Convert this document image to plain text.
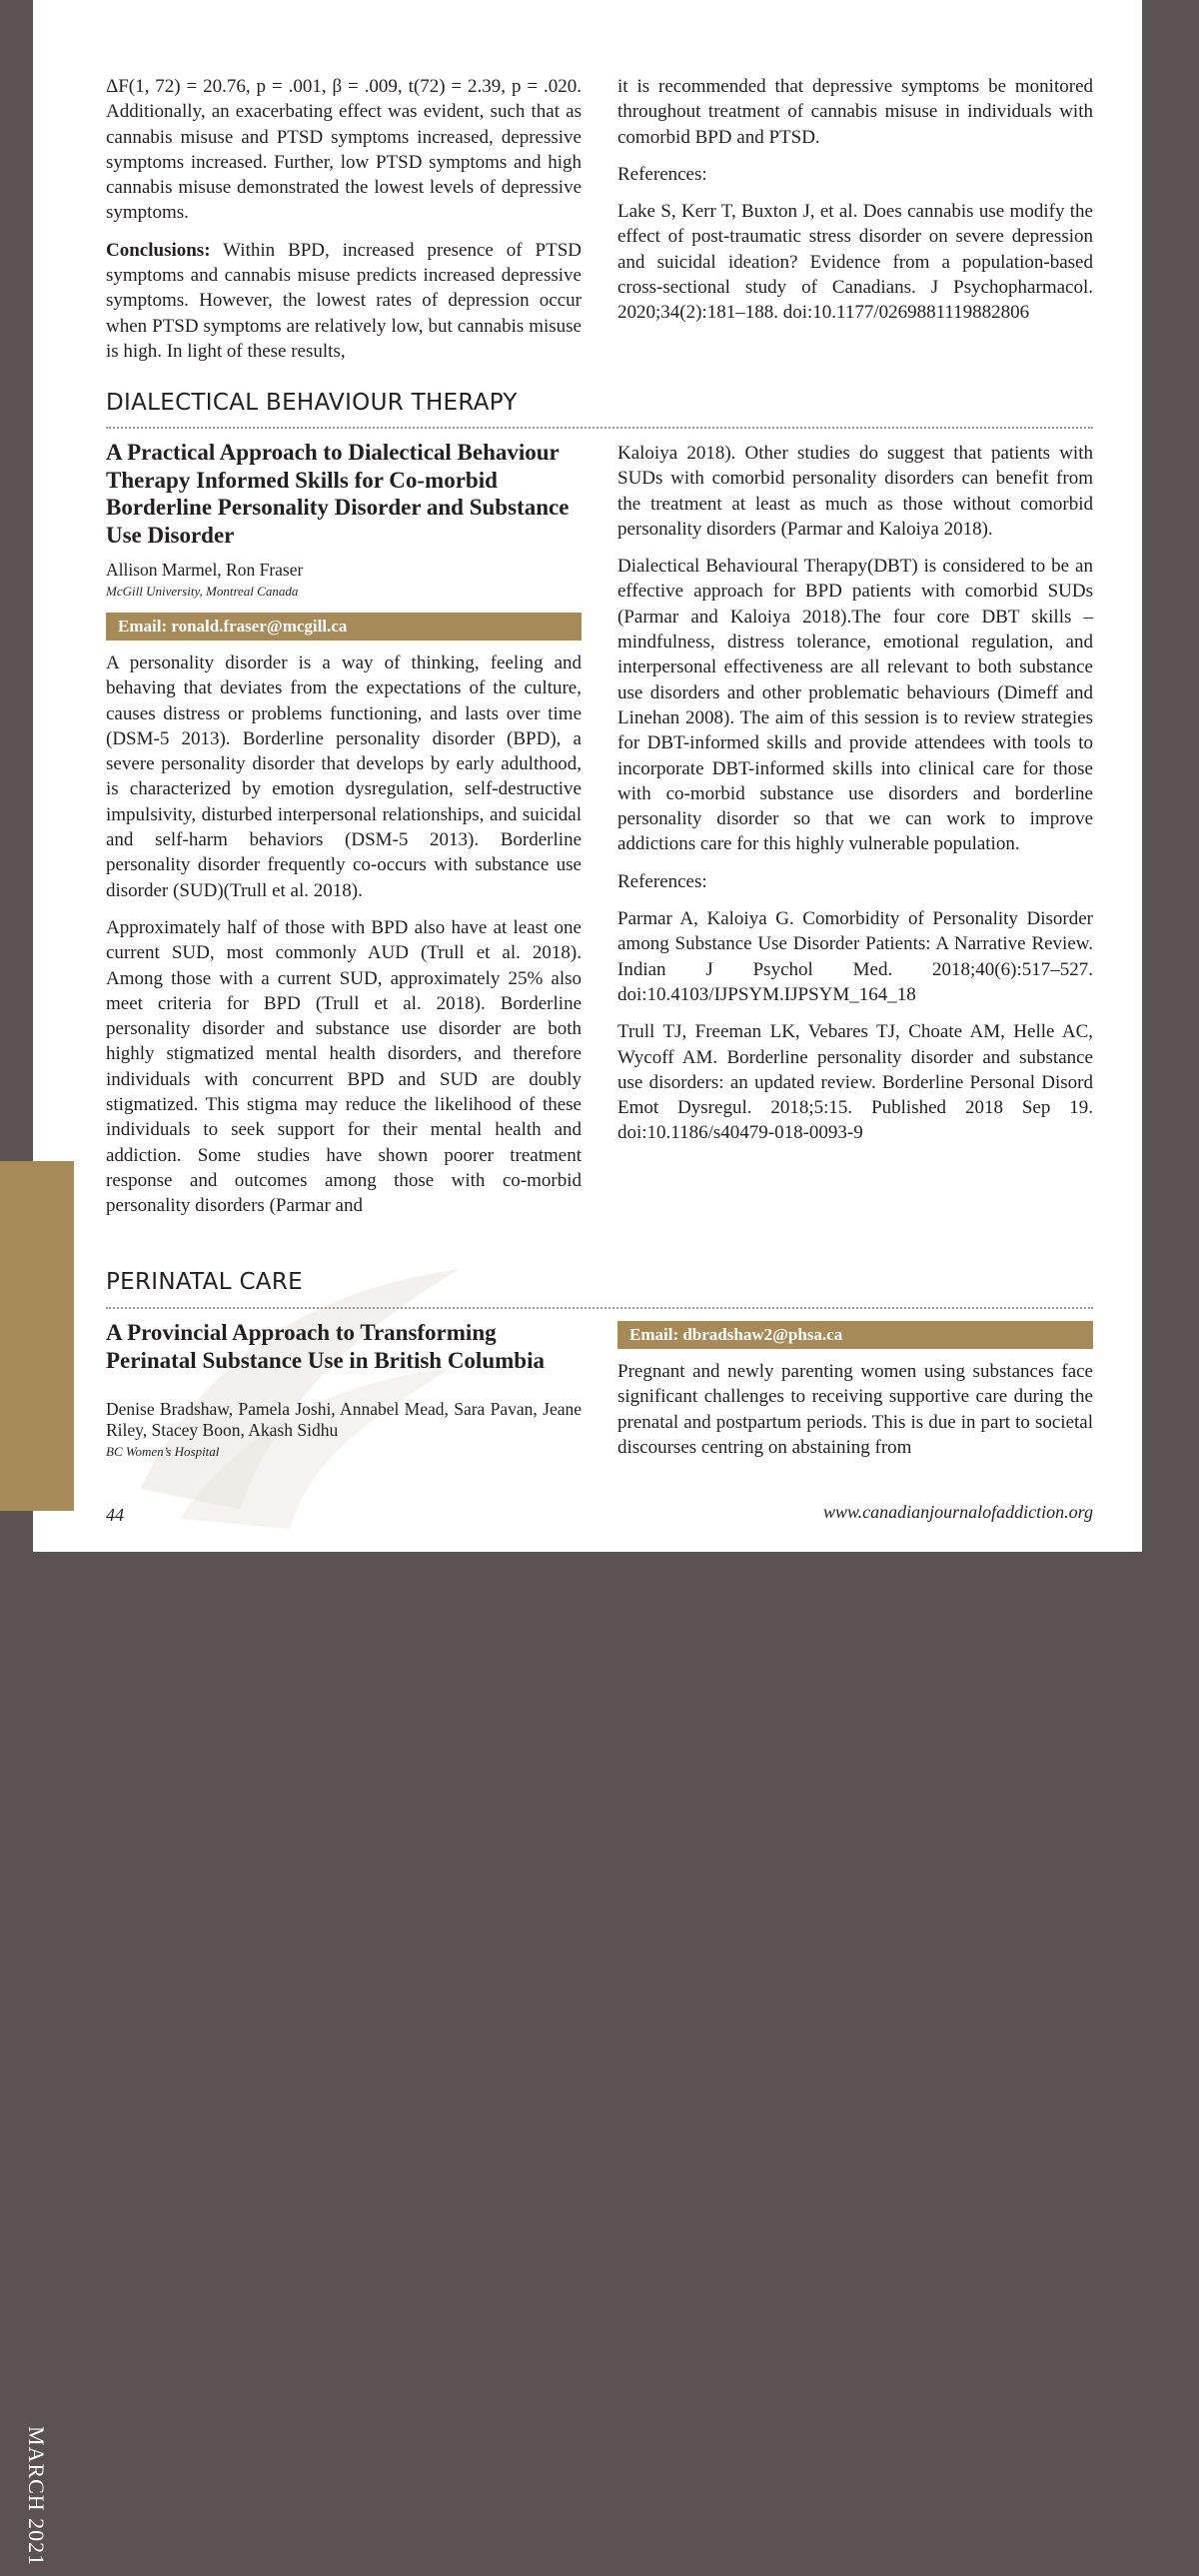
MARCH 2021

ΔF(1, 72) = 20.76, p = .001, β = .009, t(72) = 2.39, p = .020. Additionally, an exacerbating effect was evident, such that as cannabis misuse and PTSD symptoms increased, depressive symptoms increased. Further, low PTSD symptoms and high cannabis misuse demonstrated the lowest levels of depressive symptoms.

Conclusions: Within BPD, increased presence of PTSD symptoms and cannabis misuse predicts increased depressive symptoms. However, the lowest rates of depression occur when PTSD symptoms are relatively low, but cannabis misuse is high. In light of these results,

it is recommended that depressive symptoms be monitored throughout treatment of cannabis misuse in individuals with comorbid BPD and PTSD.

References:

Lake S, Kerr T, Buxton J, et al. Does cannabis use modify the effect of post-traumatic stress disorder on severe depression and suicidal ideation? Evidence from a population-based cross-sectional study of Canadians. J Psychopharmacol. 2020;34(2):181–188. doi:10.1177/0269881119882806

DIALECTICAL BEHAVIOUR THERAPY
A Practical Approach to Dialectical Behaviour Therapy Informed Skills for Co-morbid Borderline Personality Disorder and Substance Use Disorder

Allison Marmel, Ron Fraser

McGill University, Montreal Canada

Email: ronald.fraser@mcgill.ca

A personality disorder is a way of thinking, feeling and behaving that deviates from the expectations of the culture, causes distress or problems functioning, and lasts over time (DSM-5 2013). Borderline personality disorder (BPD), a severe personality disorder that develops by early adulthood, is characterized by emotion dysregulation, self-destructive impulsivity, disturbed interpersonal relationships, and suicidal and self-harm behaviors (DSM-5 2013). Borderline personality disorder frequently co-occurs with substance use disorder (SUD)(Trull et al. 2018).

Approximately half of those with BPD also have at least one current SUD, most commonly AUD (Trull et al. 2018). Among those with a current SUD, approximately 25% also meet criteria for BPD (Trull et al. 2018). Borderline personality disorder and substance use disorder are both highly stigmatized mental health disorders, and therefore individuals with concurrent BPD and SUD are doubly stigmatized. This stigma may reduce the likelihood of these individuals to seek support for their mental health and addiction. Some studies have shown poorer treatment response and outcomes among those with co-morbid personality disorders (Parmar and

Kaloiya 2018). Other studies do suggest that patients with SUDs with comorbid personality disorders can benefit from the treatment at least as much as those without comorbid personality disorders (Parmar and Kaloiya 2018).

Dialectical Behavioural Therapy(DBT) is considered to be an effective approach for BPD patients with comorbid SUDs (Parmar and Kaloiya 2018).The four core DBT skills – mindfulness, distress tolerance, emotional regulation, and interpersonal effectiveness are all relevant to both substance use disorders and other problematic behaviours (Dimeff and Linehan 2008). The aim of this session is to review strategies for DBT-informed skills and provide attendees with tools to incorporate DBT-informed skills into clinical care for those with co-morbid substance use disorders and borderline personality disorder so that we can work to improve addictions care for this highly vulnerable population.

References:

Parmar A, Kaloiya G. Comorbidity of Personality Disorder among Substance Use Disorder Patients: A Narrative Review. Indian J Psychol Med. 2018;40(6):517–527. doi:10.4103/IJPSYM.IJPSYM_164_18

Trull TJ, Freeman LK, Vebares TJ, Choate AM, Helle AC, Wycoff AM. Borderline personality disorder and substance use disorders: an updated review. Borderline Personal Disord Emot Dysregul. 2018;5:15. Published 2018 Sep 19. doi:10.1186/s40479-018-0093-9

PERINATAL CARE
A Provincial Approach to Transforming Perinatal Substance Use in British Columbia

Denise Bradshaw, Pamela Joshi, Annabel Mead, Sara Pavan, Jeane Riley, Stacey Boon, Akash Sidhu

BC Women’s Hospital

Email: dbradshaw2@phsa.ca

Pregnant and newly parenting women using substances face significant challenges to receiving supportive care during the prenatal and postpartum periods. This is due in part to societal discourses centring on abstaining from

44	www.canadianjournalofaddiction.org
